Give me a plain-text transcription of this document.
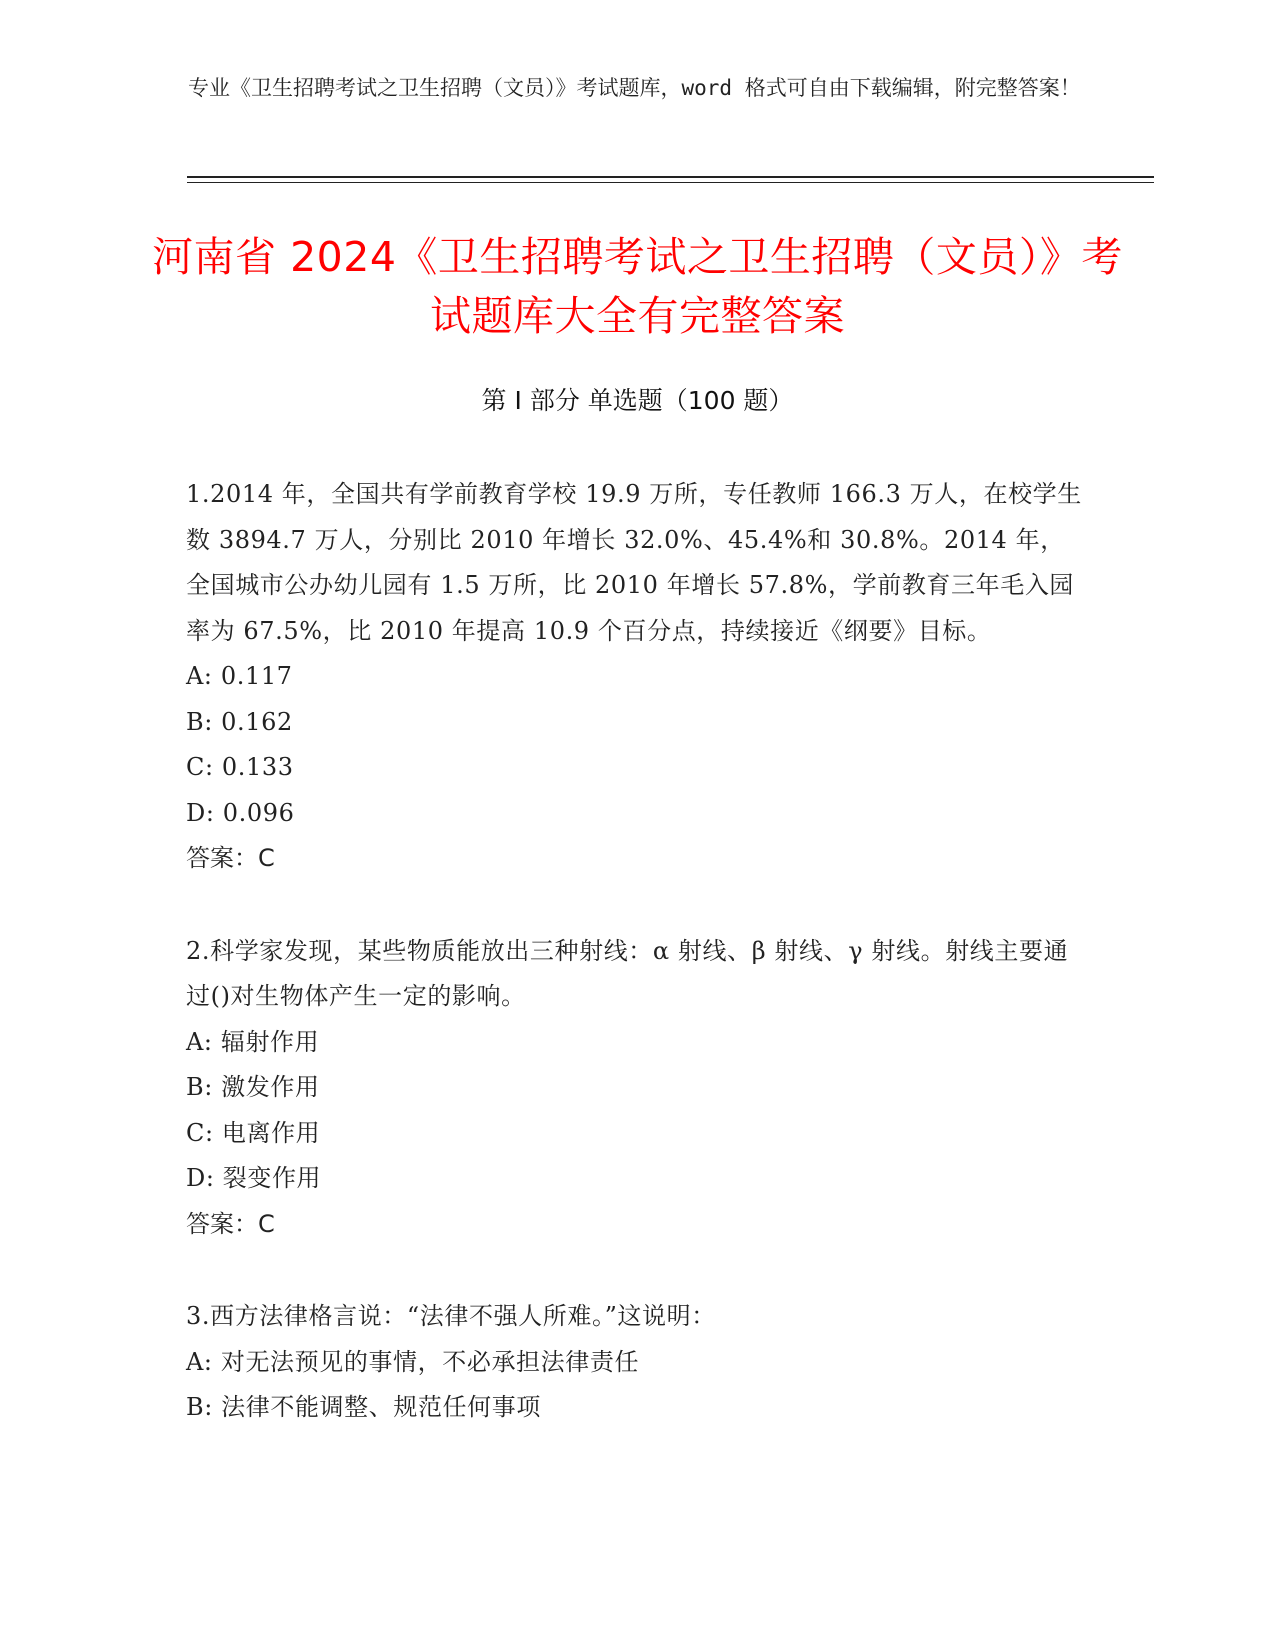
专业《卫生招聘考试之卫生招聘（文员）》考试题库，word 格式可自由下载编辑，附完整答案！
河南省 2024《卫生招聘考试之卫生招聘（文员）》考试题库大全有完整答案
第 I 部分 单选题（100 题）
1.2014 年，全国共有学前教育学校 19.9 万所，专任教师 166.3 万人，在校学生数 3894.7 万人，分别比 2010 年增长 32.0%、45.4%和 30.8%。2014 年，全国城市公办幼儿园有 1.5 万所，比 2010 年增长 57.8%，学前教育三年毛入园率为 67.5%，比 2010 年提高 10.9 个百分点，持续接近《纲要》目标。
A: 0.117
B: 0.162
C: 0.133
D: 0.096
答案：C
2.科学家发现，某些物质能放出三种射线：α 射线、β 射线、γ 射线。射线主要通过()对生物体产生一定的影响。
A: 辐射作用
B: 激发作用
C: 电离作用
D: 裂变作用
答案：C
3.西方法律格言说：“法律不强人所难。”这说明：
A: 对无法预见的事情，不必承担法律责任
B: 法律不能调整、规范任何事项
